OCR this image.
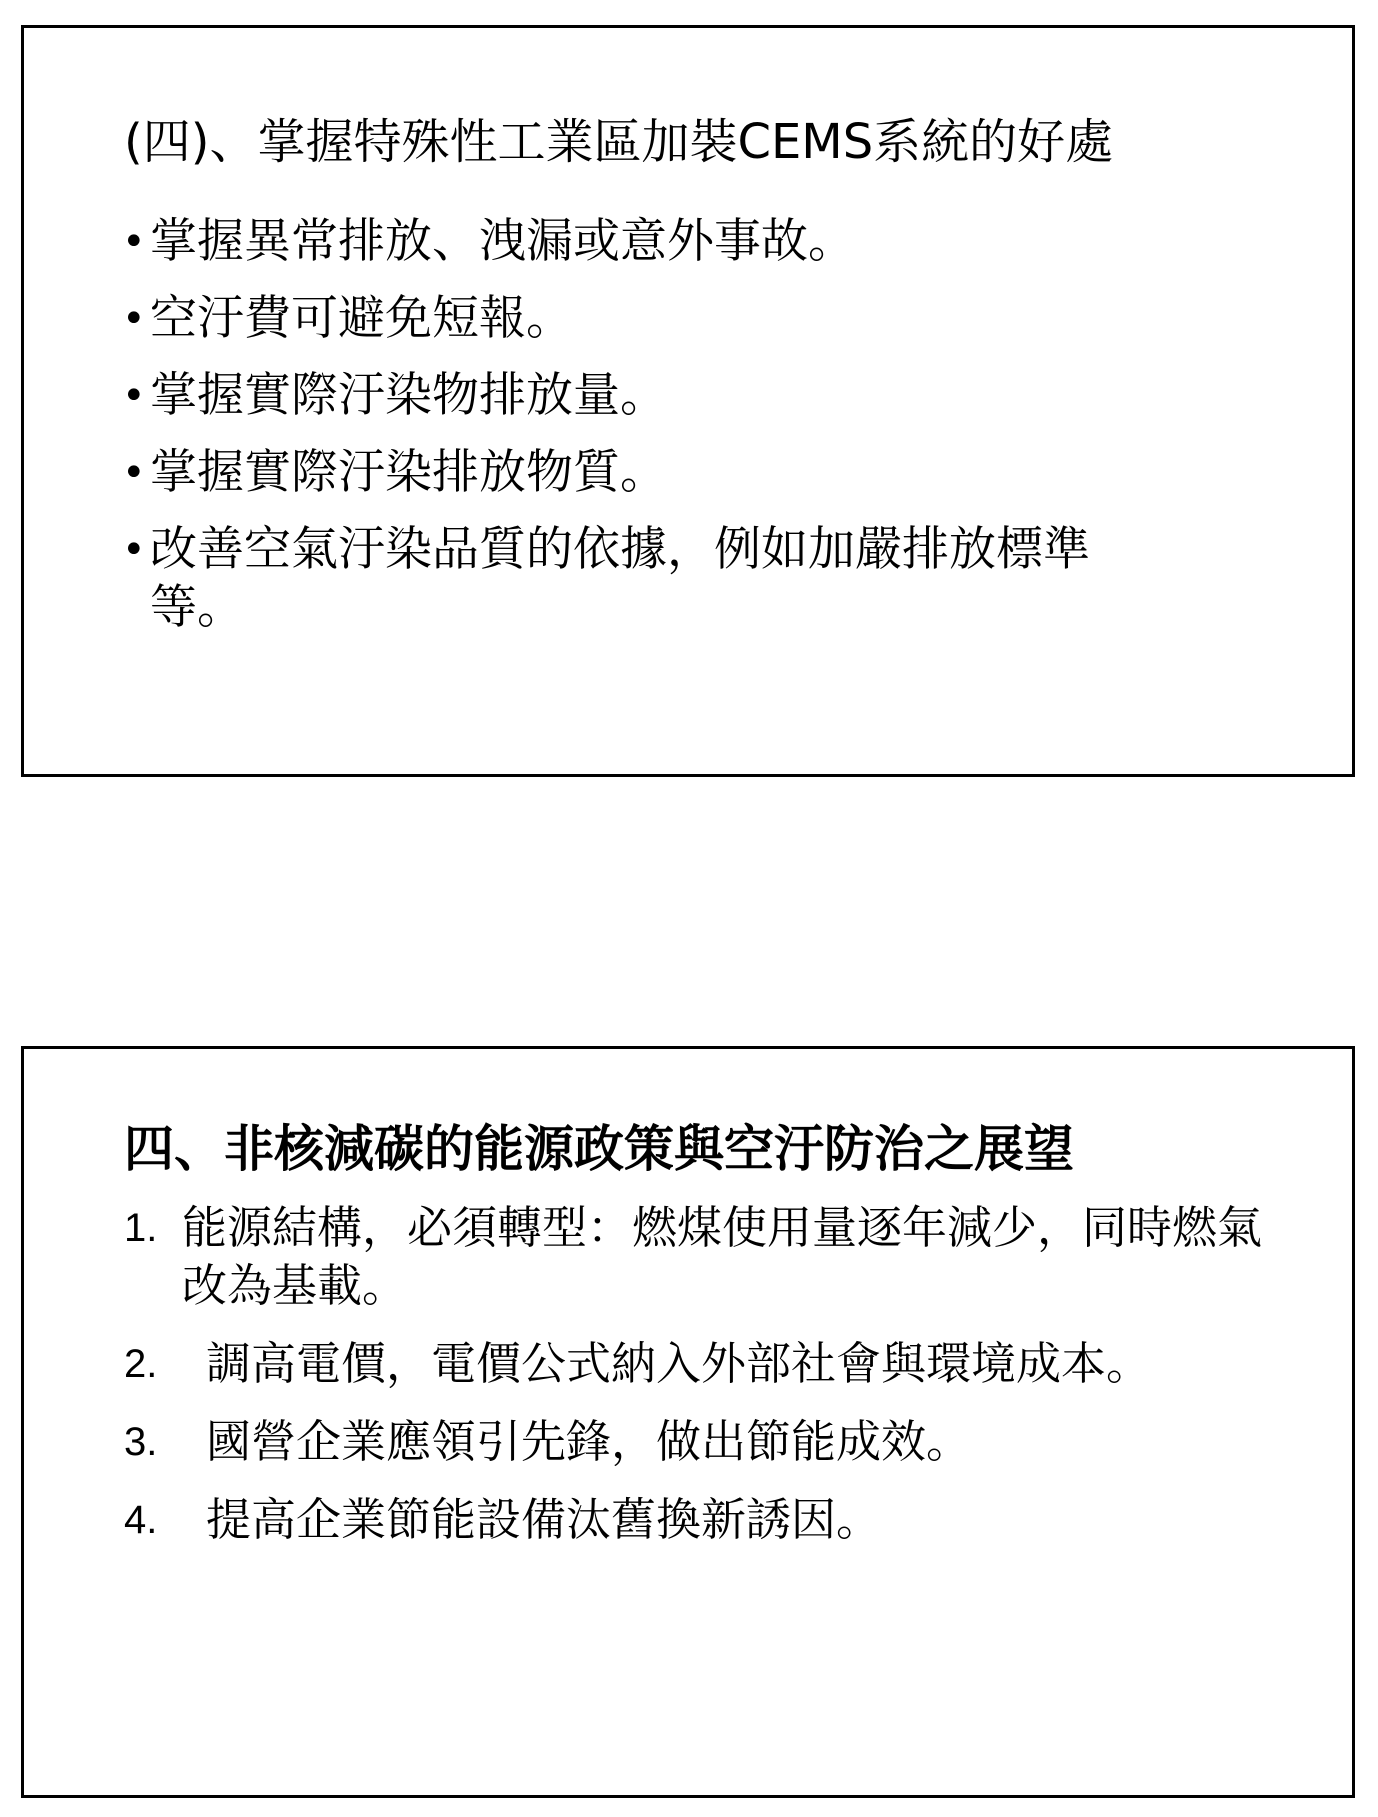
(四)、掌握特殊性工業區加裝CEMS系統的好處
• 掌握異常排放、洩漏或意外事故。
• 空汙費可避免短報。
• 掌握實際汙染物排放量。
• 掌握實際汙染排放物質。
• 改善空氣汙染品質的依據，例如加嚴排放標準等。
四、非核減碳的能源政策與空汙防治之展望
1. 能源結構，必須轉型：燃煤使用量逐年減少，同時燃氣改為基載。
2. 調高電價，電價公式納入外部社會與環境成本。
3. 國營企業應領引先鋒，做出節能成效。
4. 提高企業節能設備汰舊換新誘因。
